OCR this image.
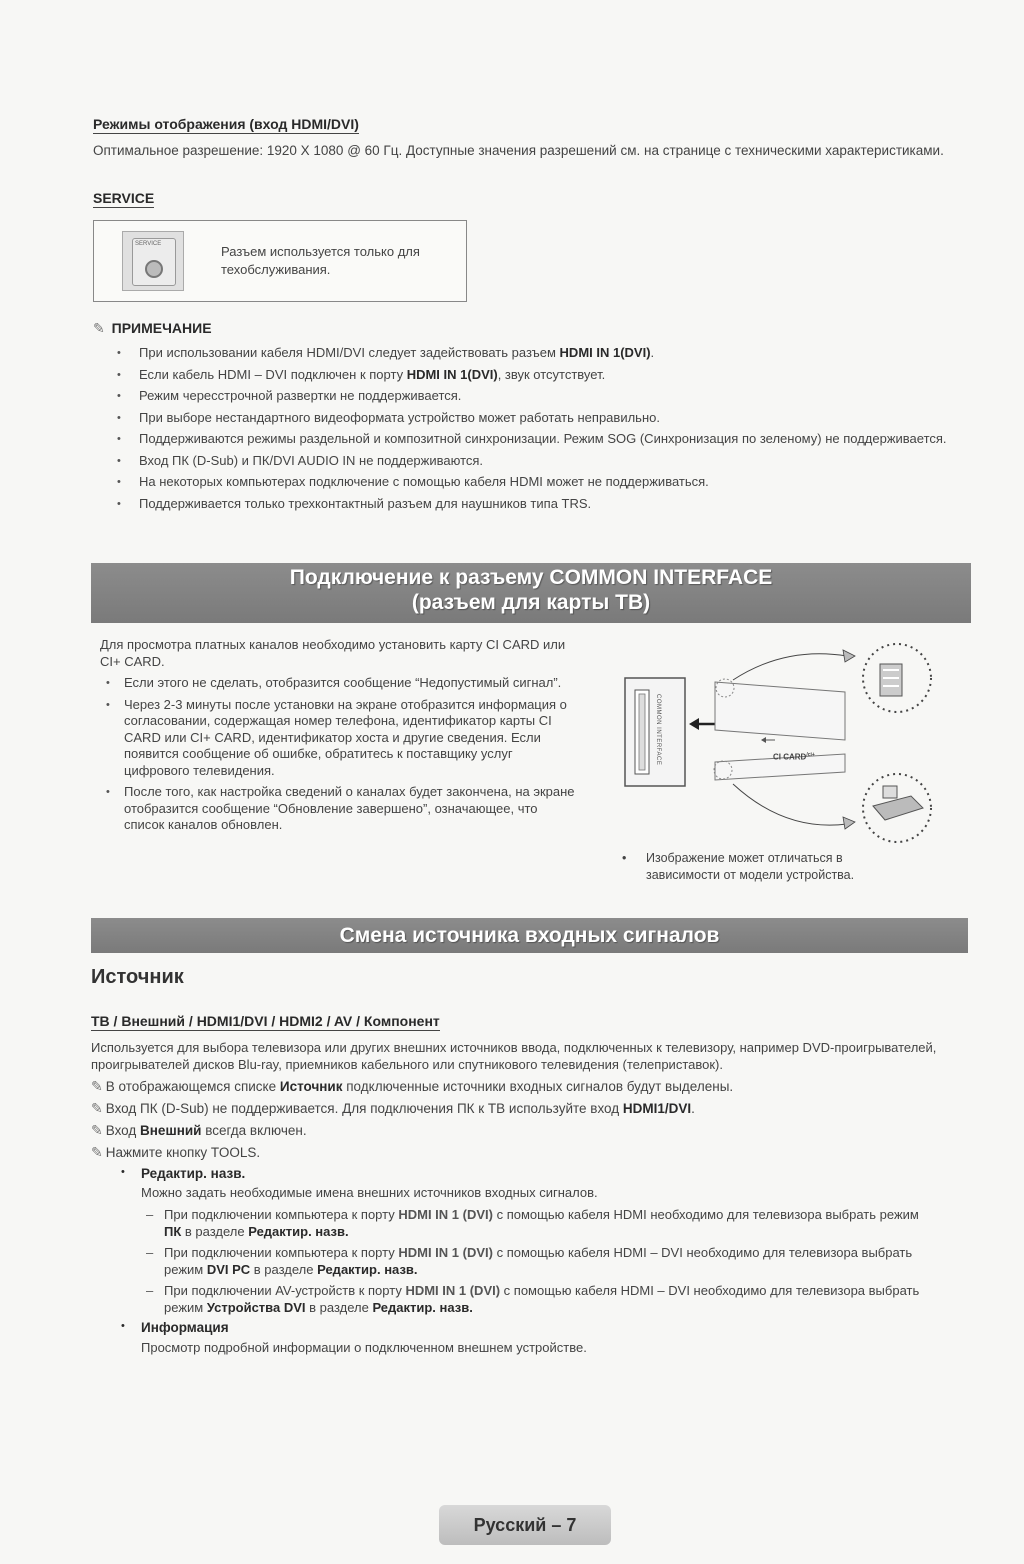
Режимы отображения (вход HDMI/DVI)
Оптимальное разрешение: 1920 X 1080 @ 60 Гц. Доступные значения разрешений см. на странице с техническими характеристиками.
SERVICE
SERVICE	Разъем используется только для техобслуживания.
✎ ПРИМЕЧАНИЕ
• При использовании кабеля HDMI/DVI следует задействовать разъем HDMI IN 1(DVI).
• Если кабель HDMI – DVI подключен к порту HDMI IN 1(DVI), звук отсутствует.
• Режим чересстрочной развертки не поддерживается.
• При выборе нестандартного видеоформата устройство может работать неправильно.
• Поддерживаются режимы раздельной и композитной синхронизации. Режим SOG (Синхронизация по зеленому) не поддерживается.
• Вход ПК (D-Sub) и ПК/DVI AUDIO IN не поддерживаются.
• На некоторых компьютерах подключение с помощью кабеля HDMI может не поддерживаться.
• Поддерживается только трехконтактный разъем для наушников типа TRS.
Подключение к разъему COMMON INTERFACE
(разъем для карты ТВ)
Для просмотра платных каналов необходимо установить карту CI CARD или CI+ CARD.
• Если этого не сделать, отобразится сообщение “Недопустимый сигнал”.
• Через 2-3 минуты после установки на экране отобразится информация о согласовании, содержащая номер телефона, идентификатор карты CI CARD или CI+ CARD, идентификатор хоста и другие сведения. Если появится сообщение об ошибке, обратитесь к поставщику услуг цифрового телевидения.
• После того, как настройка сведений о каналах будет закончена, на экране отобразится сообщение “Обновление завершено”, означающее, что список каналов обновлен.
COMMON INTERFACE	CI $CARD^{/ci+}$
• Изображение может отличаться в зависимости от модели устройства.
Смена источника входных сигналов
Источник
ТВ / Внешний / HDMI1/DVI / HDMI2 / AV / Компонент
Используется для выбора телевизора или других внешних источников ввода, подключенных к телевизору, например DVD-проигрывателей, проигрывателей дисков Blu-ray, приемников кабельного или спутникового телевидения (телеприставок).
✎ В отображающемся списке Источник подключенные источники входных сигналов будут выделены.
✎ Вход ПК (D-Sub) не поддерживается. Для подключения ПК к ТВ используйте вход HDMI1/DVI.
✎ Вход Внешний всегда включен.
✎ Нажмите кнопку TOOLS.
• Редактир. назв.
Можно задать необходимые имена внешних источников входных сигналов.
– При подключении компьютера к порту HDMI IN 1 (DVI) с помощью кабеля HDMI необходимо для телевизора выбрать режим ПК в разделе Редактир. назв.
– При подключении компьютера к порту HDMI IN 1 (DVI) с помощью кабеля HDMI – DVI необходимо для телевизора выбрать режим DVI PC в разделе Редактир. назв.
– При подключении AV-устройств к порту HDMI IN 1 (DVI) с помощью кабеля HDMI – DVI необходимо для телевизора выбрать режим Устройства DVI в разделе Редактир. назв.
• Информация
Просмотр подробной информации о подключенном внешнем устройстве.
Русский – 7
